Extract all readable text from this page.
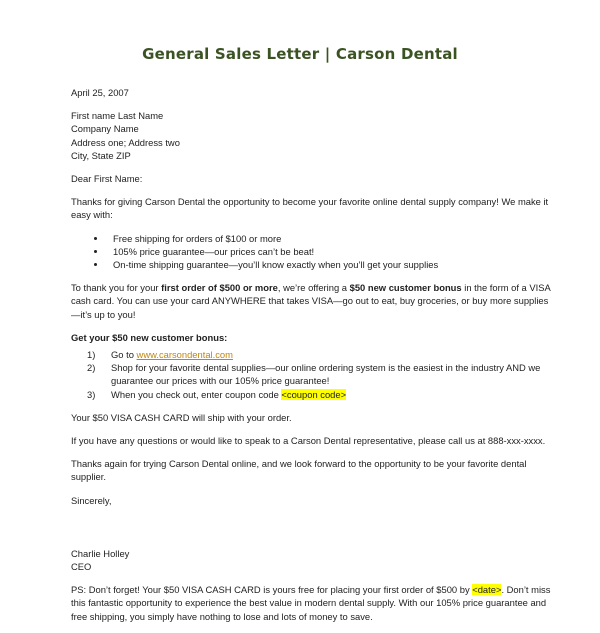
General Sales Letter | Carson Dental

April 25, 2007

First name Last Name
Company Name
Address one; Address two
City, State ZIP

Dear First Name:

Thanks for giving Carson Dental the opportunity to become your favorite online dental supply company! We make it easy with:

• Free shipping for orders of $100 or more
• 105% price guarantee—our prices can’t be beat!
• On-time shipping guarantee—you’ll know exactly when you’ll get your supplies

To thank you for your first order of $500 or more, we’re offering a $50 new customer bonus in the form of a VISA cash card. You can use your card ANYWHERE that takes VISA—go out to eat, buy groceries, or buy more supplies—it’s up to you!

Get your $50 new customer bonus:

1) Go to www.carsondental.com
2) Shop for your favorite dental supplies—our online ordering system is the easiest in the industry AND we guarantee our prices with our 105% price guarantee!
3) When you check out, enter coupon code <coupon code>

Your $50 VISA CASH CARD will ship with your order.

If you have any questions or would like to speak to a Carson Dental representative, please call us at 888-xxx-xxxx.

Thanks again for trying Carson Dental online, and we look forward to the opportunity to be your favorite dental supplier.

Sincerely,

Charlie Holley
CEO

PS: Don’t forget! Your $50 VISA CASH CARD is yours free for placing your first order of $500 by <date>. Don’t miss this fantastic opportunity to experience the best value in modern dental supply. With our 105% price guarantee and free shipping, you simply have nothing to lose and lots of money to save.
